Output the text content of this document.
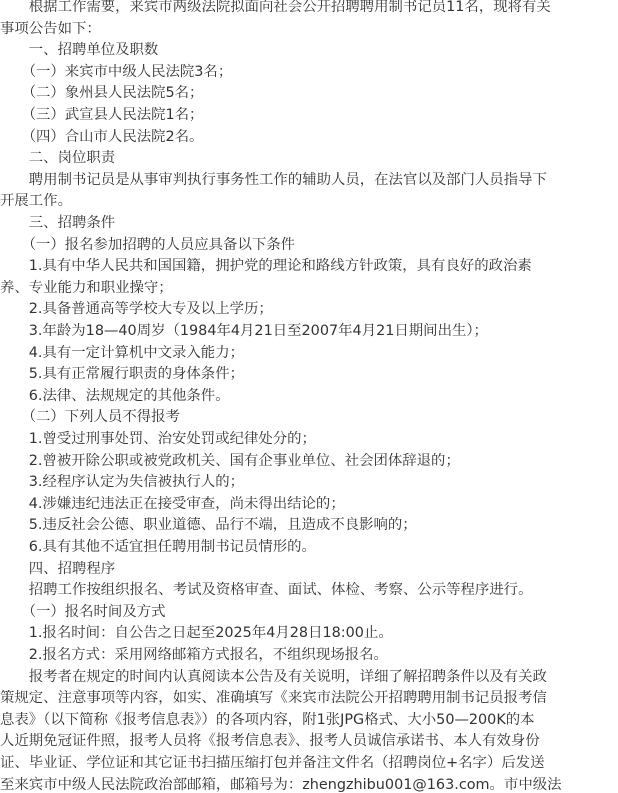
　　根据工作需要，来宾市两级法院拟面向社会公开招聘聘用制书记员11名，现将有关
事项公告如下：
　　一、招聘单位及职数
　　（一）来宾市中级人民法院3名；
　　（二）象州县人民法院5名；
　　（三）武宣县人民法院1名；
　　（四）合山市人民法院2名。
　　二、岗位职责
　　聘用制书记员是从事审判执行事务性工作的辅助人员，在法官以及部门人员指导下
开展工作。
　　三、招聘条件
　　（一）报名参加招聘的人员应具备以下条件
　　1.具有中华人民共和国国籍，拥护党的理论和路线方针政策，具有良好的政治素
养、专业能力和职业操守；
　　2.具备普通高等学校大专及以上学历；
　　3.年龄为18—40周岁（1984年4月21日至2007年4月21日期间出生）；
　　4.具有一定计算机中文录入能力；
　　5.具有正常履行职责的身体条件；
　　6.法律、法规规定的其他条件。
　　（二）下列人员不得报考
　　1.曾受过刑事处罚、治安处罚或纪律处分的；
　　2.曾被开除公职或被党政机关、国有企事业单位、社会团体辞退的；
　　3.经程序认定为失信被执行人的；
　　4.涉嫌违纪违法正在接受审查，尚未得出结论的；
　　5.违反社会公德、职业道德、品行不端，且造成不良影响的；
　　6.具有其他不适宜担任聘用制书记员情形的。
　　四、招聘程序
　　招聘工作按组织报名、考试及资格审查、面试、体检、考察、公示等程序进行。
　　（一）报名时间及方式
　　1.报名时间：自公告之日起至2025年4月28日18:00止。
　　2.报名方式：采用网络邮箱方式报名，不组织现场报名。
　　报考者在规定的时间内认真阅读本公告及有关说明，详细了解招聘条件以及有关政
策规定、注意事项等内容，如实、准确填写《来宾市法院公开招聘聘用制书记员报考信
息表》（以下简称《报考信息表》）的各项内容，附1张JPG格式、大小50—200K的本
人近期免冠证件照，报考人员将《报考信息表》、报考人员诚信承诺书、本人有效身份
证、毕业证、学位证和其它证书扫描压缩打包并备注文件名（招聘岗位+名字）后发送
至来宾市中级人民法院政治部邮箱，邮箱号为：zhengzhibu001@163.com。市中级法
